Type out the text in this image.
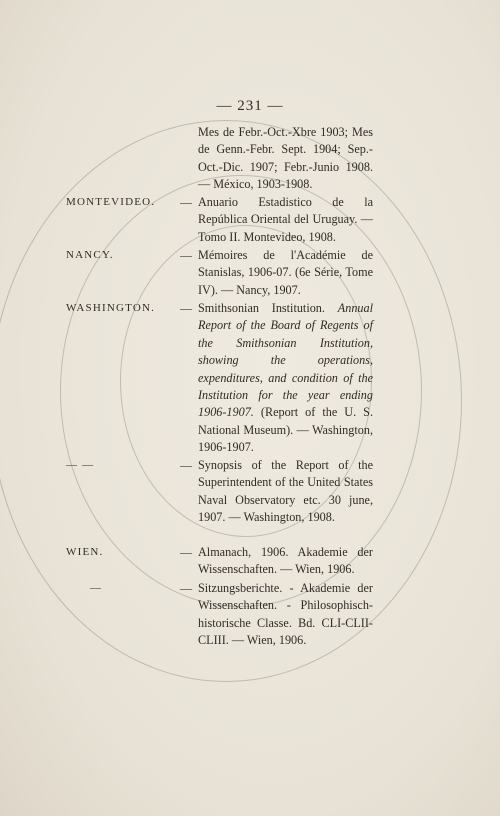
— 231 —
Mes de Febr.-Oct.-Xbre 1903; Mes de Genn.-Febr. Sept. 1904; Sep.-Oct.-Dic. 1907; Febr.-Junio 1908. — México, 1903-1908.
MONTEVIDEO. — Anuario Estadistico de la República Oriental del Uruguay. — Tomo II. Montevideo, 1908.
NANCY.	— Mémoires de l'Académie de Stanislas, 1906-07. (6e Série, Tome IV). — Nancy, 1907.
WASHINGTON. — Smithsonian Institution. Annual Report of the Board of Regents of the Smithsonian Institution, showing the operations, expenditures, and condition of the Institution for the year ending 1906-1907. (Report of the U. S. National Museum). — Washington, 1906-1907.
— —	— Synopsis of the Report of the Superintendent of the United States Naval Observatory etc. 30 june, 1907. — Washington, 1908.
WIEN.	— Almanach, 1906. Akademie der Wissenschaften. — Wien, 1906.
—	— Sitzungsberichte. - Akademie der Wissenschaften. - Philosophisch-historische Classe. Bd. CLI-CLII-CLIII. — Wien, 1906.
